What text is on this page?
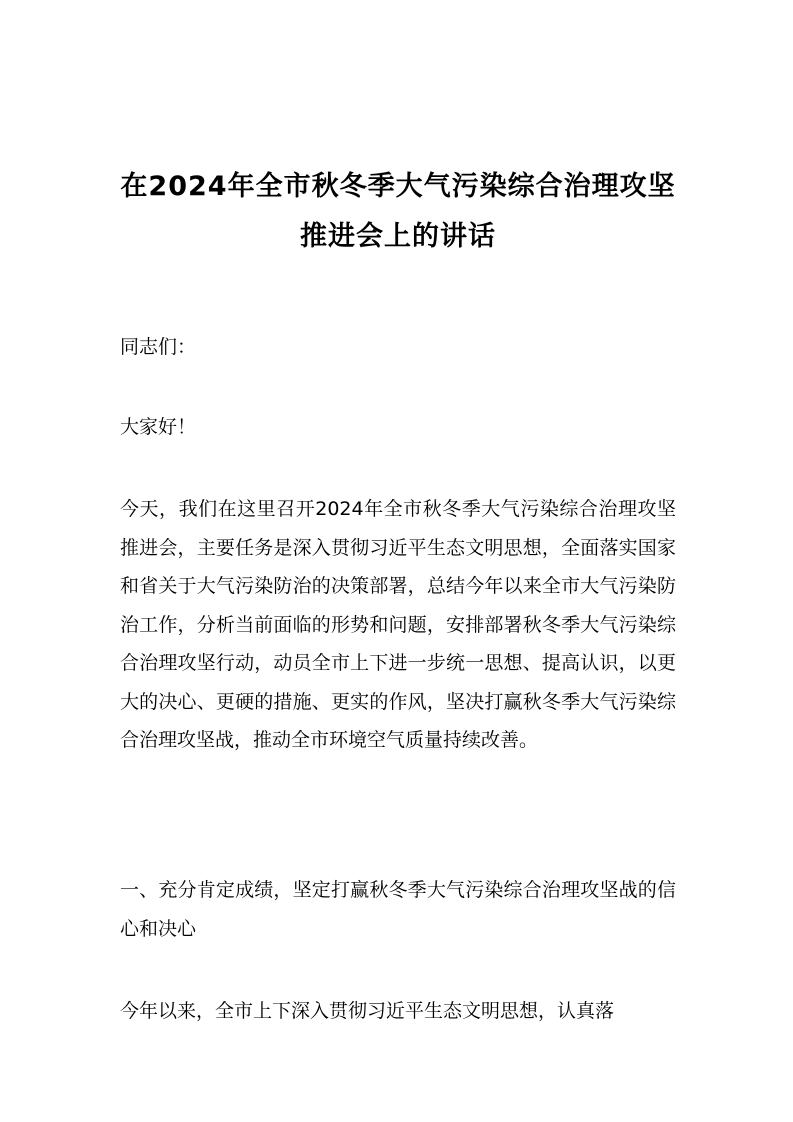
在2024年全市秋冬季大气污染综合治理攻坚推进会上的讲话

同志们：

大家好！

今天，我们在这里召开2024年全市秋冬季大气污染综合治理攻坚推进会，主要任务是深入贯彻习近平生态文明思想，全面落实国家和省关于大气污染防治的决策部署，总结今年以来全市大气污染防治工作，分析当前面临的形势和问题，安排部署秋冬季大气污染综合治理攻坚行动，动员全市上下进一步统一思想、提高认识，以更大的决心、更硬的措施、更实的作风，坚决打赢秋冬季大气污染综合治理攻坚战，推动全市环境空气质量持续改善。

一、充分肯定成绩，坚定打赢秋冬季大气污染综合治理攻坚战的信心和决心

今年以来，全市上下深入贯彻习近平生态文明思想，认真落
